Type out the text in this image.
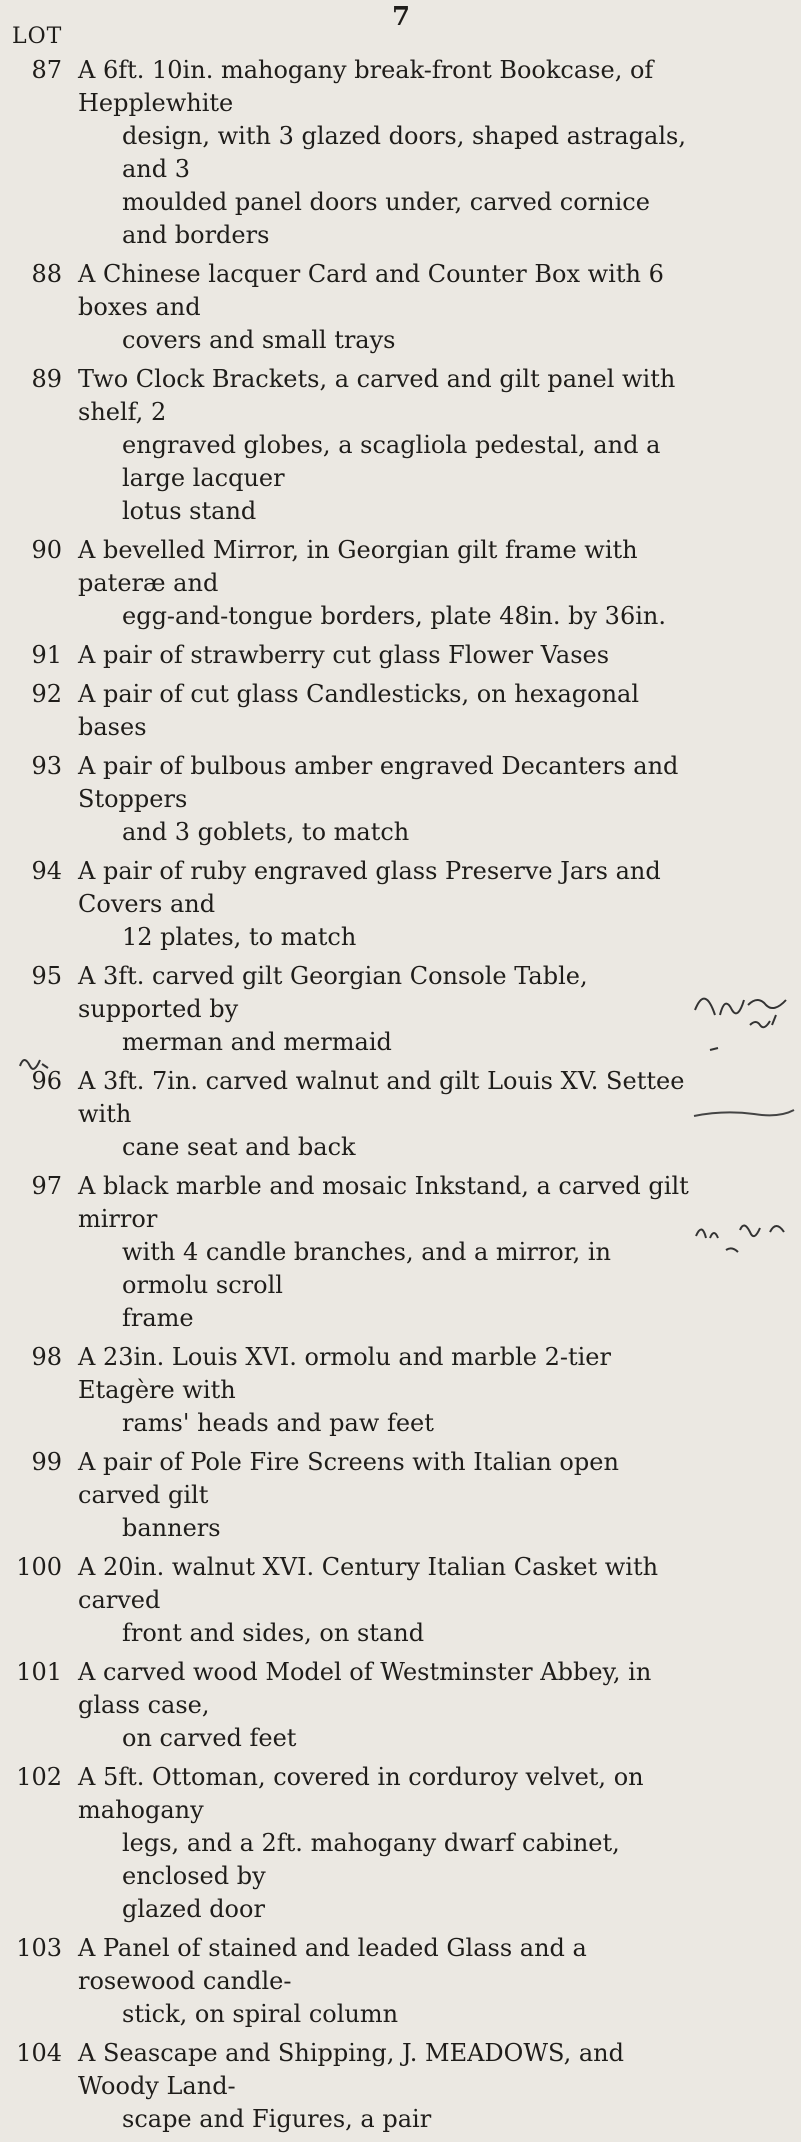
7
LOT
87 A 6ft. 10in. mahogany break-front Bookcase, of Hepplewhite
design, with 3 glazed doors, shaped astragals, and 3
moulded panel doors under, carved cornice and borders
88 A Chinese lacquer Card and Counter Box with 6 boxes and
covers and small trays
89 Two Clock Brackets, a carved and gilt panel with shelf, 2
engraved globes, a scagliola pedestal, and a large lacquer
lotus stand
90 A bevelled Mirror, in Georgian gilt frame with pateræ and
egg-and-tongue borders, plate 48in. by 36in.
91 A pair of strawberry cut glass Flower Vases
92 A pair of cut glass Candlesticks, on hexagonal bases
93 A pair of bulbous amber engraved Decanters and Stoppers
and 3 goblets, to match
94 A pair of ruby engraved glass Preserve Jars and Covers and
12 plates, to match
95 A 3ft. carved gilt Georgian Console Table, supported by
merman and mermaid
96 A 3ft. 7in. carved walnut and gilt Louis XV. Settee with
cane seat and back
97 A black marble and mosaic Inkstand, a carved gilt mirror
with 4 candle branches, and a mirror, in ormolu scroll
frame
98 A 23in. Louis XVI. ormolu and marble 2-tier Etagère with
rams' heads and paw feet
99 A pair of Pole Fire Screens with Italian open carved gilt
banners
100 A 20in. walnut XVI. Century Italian Casket with carved
front and sides, on stand
101 A carved wood Model of Westminster Abbey, in glass case,
on carved feet
102 A 5ft. Ottoman, covered in corduroy velvet, on mahogany
legs, and a 2ft. mahogany dwarf cabinet, enclosed by
glazed door
103 A Panel of stained and leaded Glass and a rosewood candle-
stick, on spiral column
104 A Seascape and Shipping, J. MEADOWS, and Woody Land-
scape and Figures, a pair
